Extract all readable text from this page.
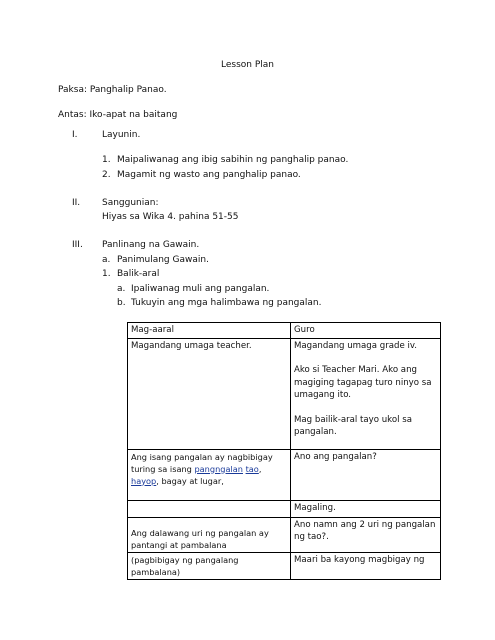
Lesson Plan
Paksa: Panghalip Panao.
Antas: Iko-apat na baitang
I.	Layunin.
1. Maipaliwanag ang ibig sabihin ng panghalip panao.
2. Magamit ng wasto ang panghalip panao.
II. Sanggunian:
Hiyas sa Wika 4. pahina 51-55
III. Panlinang na Gawain.
a. Panimulang Gawain.
1. Balik-aral
a. Ipaliwanag muli ang pangalan.
b. Tukuyin ang mga halimbawa ng pangalan.
Mag-aaral	Guro
Magandang umaga teacher.	Magandang umaga grade iv.
Ako si Teacher Mari. Ako ang magiging tagapag turo ninyo sa umagang ito.
Mag bailik-aral tayo ukol sa pangalan.
Ang isang pangalan ay nagbibigay turing sa isang pangngalan tao, hayop, bagay at lugar,	Ano ang pangalan?
	Magaling.
Ang dalawang uri ng pangalan ay pantangi at pambalana	Ano namn ang 2 uri ng pangalan ng tao?.
(pagbibigay ng pangalang pambalana)	Maari ba kayong magbigay ng
